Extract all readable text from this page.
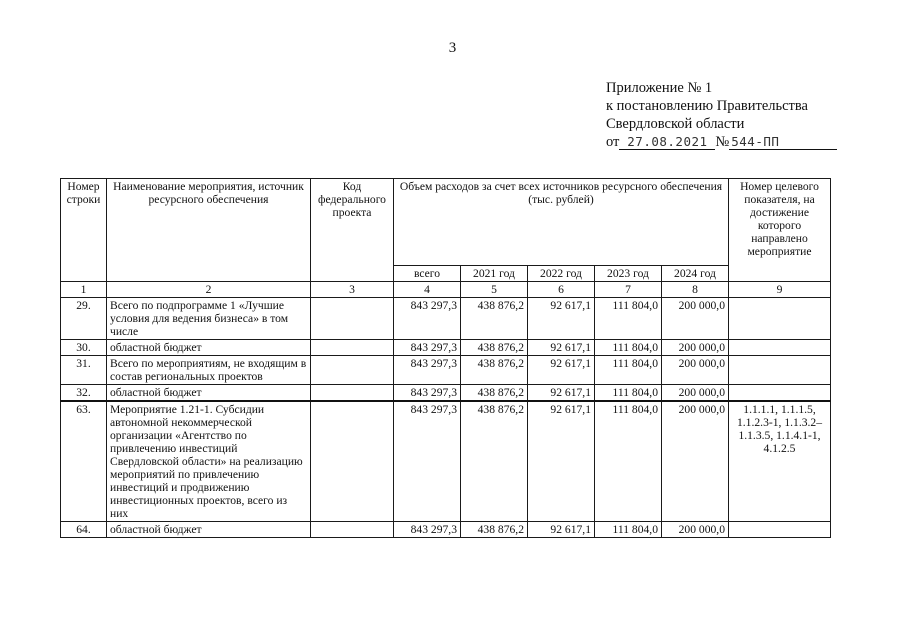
3
Приложение № 1
к постановлению Правительства
Свердловской области
от 27.08.2021 № 544-ПП
Номер строки	Наименование мероприятия, источник ресурсного обеспечения	Код федерального проекта	Объем расходов за счет всех источников ресурсного обеспечения (тыс. рублей)					Номер целевого показателя, на достижение которого направлено мероприятие
			всего	2021 год	2022 год	2023 год	2024 год	
1	2	3	4	5	6	7	8	9
29.	Всего по подпрограмме 1 «Лучшие условия для ведения бизнеса» в том числе		843 297,3	438 876,2	92 617,1	111 804,0	200 000,0	
30.	областной бюджет		843 297,3	438 876,2	92 617,1	111 804,0	200 000,0	
31.	Всего по мероприятиям, не входящим в состав региональных проектов		843 297,3	438 876,2	92 617,1	111 804,0	200 000,0	
32.	областной бюджет		843 297,3	438 876,2	92 617,1	111 804,0	200 000,0	
63.	Мероприятие 1.21-1. Субсидии автономной некоммерческой организации «Агентство по привлечению инвестиций Свердловской области» на реализацию мероприятий по привлечению инвестиций и продвижению инвестиционных проектов, всего из них		843 297,3	438 876,2	92 617,1	111 804,0	200 000,0	1.1.1.1, 1.1.1.5, 1.1.2.3-1, 1.1.3.2–1.1.3.5, 1.1.4.1-1, 4.1.2.5
64.	областной бюджет		843 297,3	438 876,2	92 617,1	111 804,0	200 000,0	
